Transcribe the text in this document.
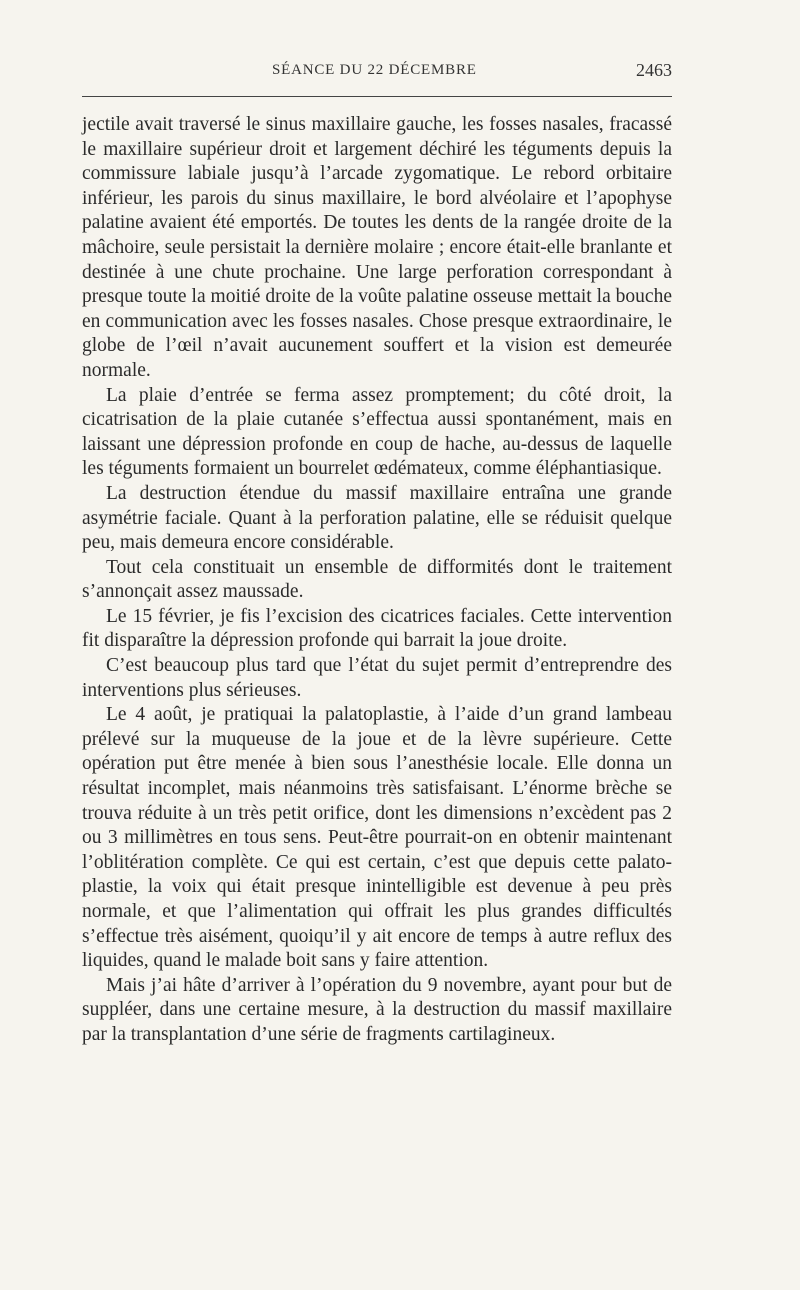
SÉANCE DU 22 DÉCEMBRE	2463

jectile avait traversé le sinus maxillaire gauche, les fosses nasales, fracassé le maxillaire supérieur droit et largement déchiré les téguments depuis la commissure labiale jusqu’à l’arcade zygomatique. Le rebord orbitaire inférieur, les parois du sinus maxillaire, le bord alvéolaire et l’apophyse palatine avaient été emportés. De toutes les dents de la rangée droite de la mâchoire, seule persistait la dernière molaire ; encore était-elle branlante et destinée à une chute prochaine. Une large perforation correspondant à presque toute la moitié droite de la voûte palatine osseuse mettait la bouche en communication avec les fosses nasales. Chose presque extraordinaire, le globe de l’œil n’avait aucunement souffert et la vision est demeurée normale.

La plaie d’entrée se ferma assez promptement; du côté droit, la cicatrisation de la plaie cutanée s’effectua aussi spontanément, mais en laissant une dépression profonde en coup de hache, au-dessus de laquelle les téguments formaient un bourrelet œdémateux, comme éléphantiasique.

La destruction étendue du massif maxillaire entraîna une grande asymétrie faciale. Quant à la perforation palatine, elle se réduisit quelque peu, mais demeura encore considérable.

Tout cela constituait un ensemble de difformités dont le traitement s’annonçait assez maussade.

Le 15 février, je fis l’excision des cicatrices faciales. Cette intervention fit disparaître la dépression profonde qui barrait la joue droite.

C’est beaucoup plus tard que l’état du sujet permit d’entreprendre des interventions plus sérieuses.

Le 4 août, je pratiquai la palatoplastie, à l’aide d’un grand lambeau prélevé sur la muqueuse de la joue et de la lèvre supérieure. Cette opération put être menée à bien sous l’anesthésie locale. Elle donna un résultat incomplet, mais néanmoins très satisfaisant. L’énorme brèche se trouva réduite à un très petit orifice, dont les dimensions n’excèdent pas 2 ou 3 millimètres en tous sens. Peut-être pourrait-on en obtenir maintenant l’oblitération complète. Ce qui est certain, c’est que depuis cette palatoplastie, la voix qui était presque inintelligible est devenue à peu près normale, et que l’alimentation qui offrait les plus grandes difficultés s’effectue très aisément, quoiqu’il y ait encore de temps à autre reflux des liquides, quand le malade boit sans y faire attention.

Mais j’ai hâte d’arriver à l’opération du 9 novembre, ayant pour but de suppléer, dans une certaine mesure, à la destruction du massif maxillaire par la transplantation d’une série de fragments cartilagineux.
